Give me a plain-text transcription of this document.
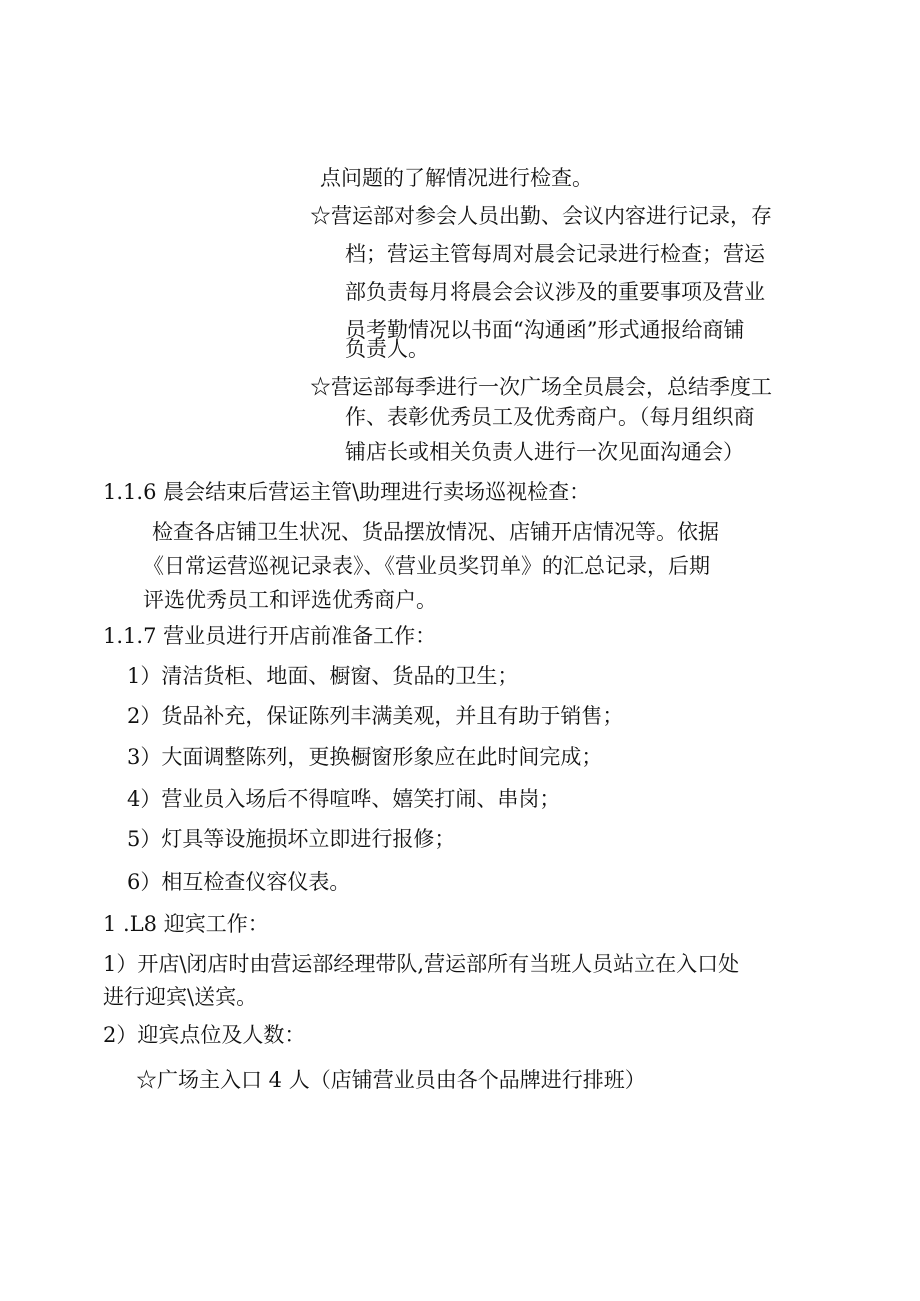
点问题的了解情况进行检查。
☆营运部对参会人员出勤、会议内容进行记录，存
档；营运主管每周对晨会记录进行检查；营运
部负责每月将晨会会议涉及的重要事项及营业
员考勤情况以书面“沟通函”形式通报给商铺
负责人。
☆营运部每季进行一次广场全员晨会，总结季度工
作、表彰优秀员工及优秀商户。（每月组织商
铺店长或相关负责人进行一次见面沟通会）
1.1.6 晨会结束后营运主管\助理进行卖场巡视检查：
检查各店铺卫生状况、货品摆放情况、店铺开店情况等。依据
《日常运营巡视记录表》、《营业员奖罚单》的汇总记录，后期
评选优秀员工和评选优秀商户。
1.1.7 营业员进行开店前准备工作：
1）清洁货柜、地面、橱窗、货品的卫生；
2）货品补充，保证陈列丰满美观，并且有助于销售；
3）大面调整陈列，更换橱窗形象应在此时间完成；
4）营业员入场后不得喧哗、嬉笑打闹、串岗；
5）灯具等设施损坏立即进行报修；
6）相互检查仪容仪表。
1 .L8 迎宾工作：
1）开店\闭店时由营运部经理带队,营运部所有当班人员站立在入口处
进行迎宾\送宾。
2）迎宾点位及人数：
☆广场主入口 4 人（店铺营业员由各个品牌进行排班）
